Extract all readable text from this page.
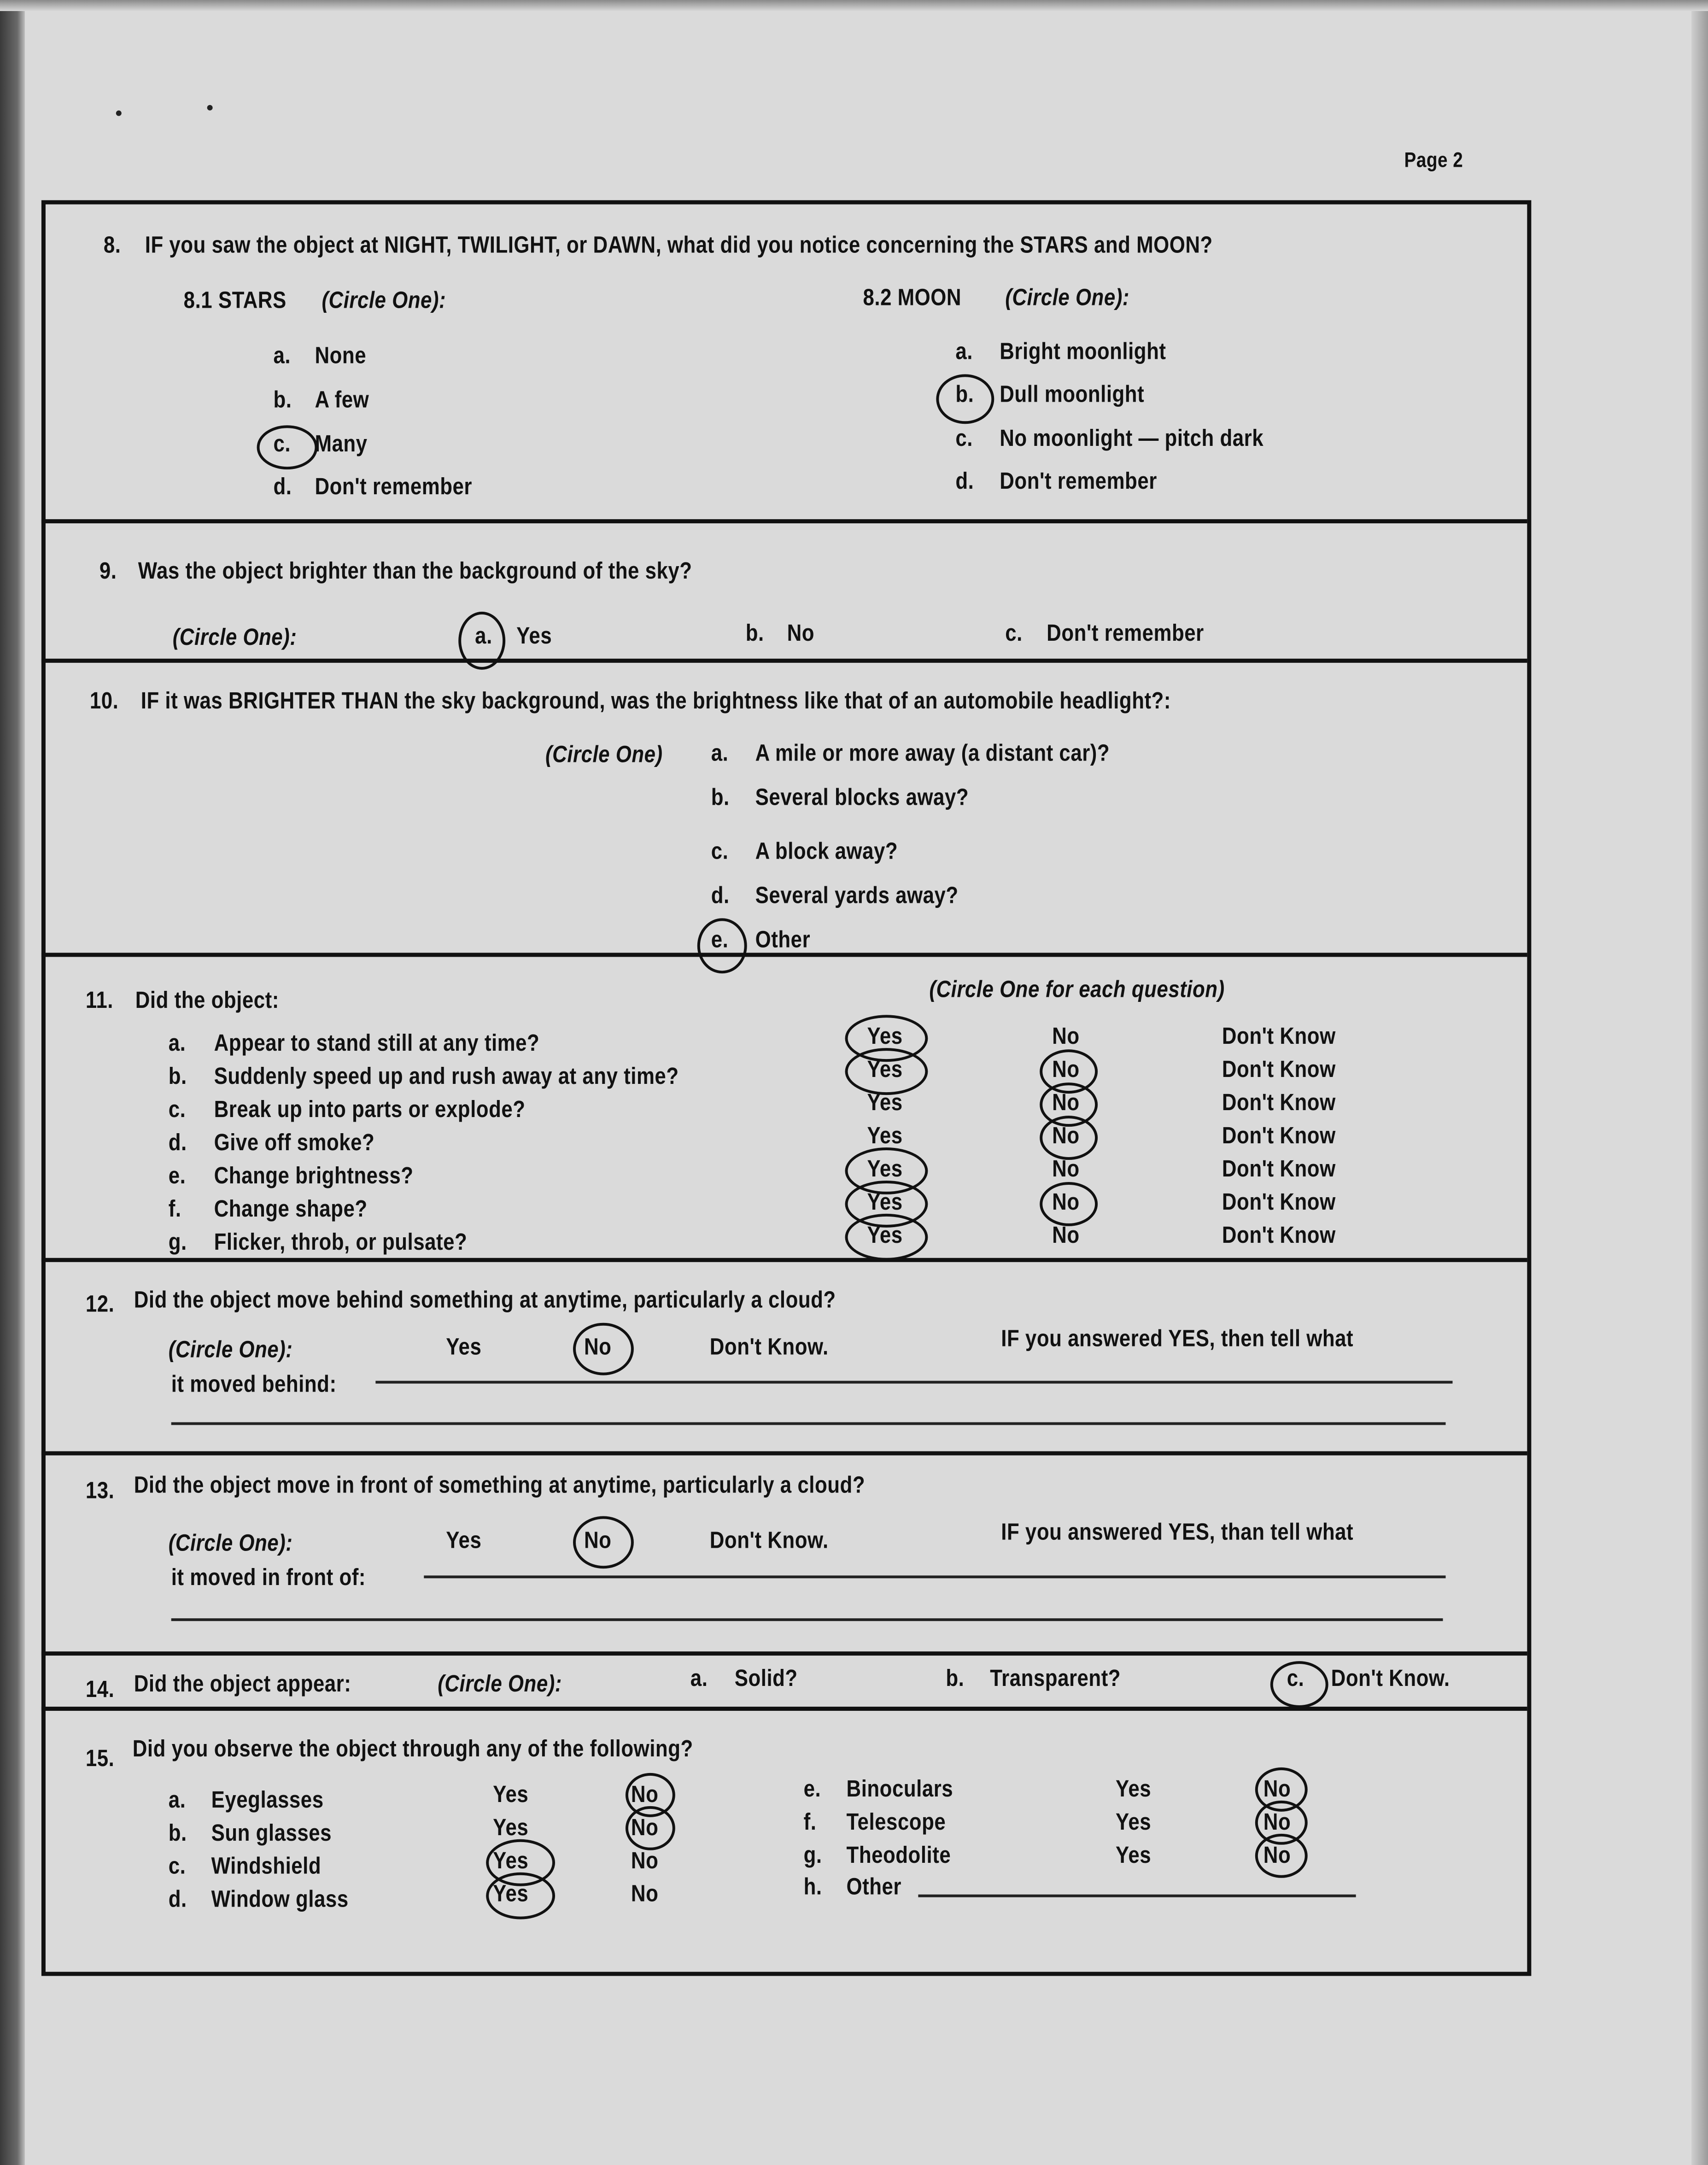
Page 2
8.	IF you saw the object at NIGHT, TWILIGHT, or DAWN, what did you notice concerning the STARS and MOON?
8.1 STARS	(Circle One):	8.2 MOON	(Circle One):
a.	None
b.	A few
c.	Many
d.	Don't remember
a.	Bright moonlight
b.	Dull moonlight
c.	No moonlight — pitch dark
d.	Don't remember
9.	Was the object brighter than the background of the sky?
(Circle One):	a.	Yes	b.	No	c.	Don't remember
10.	IF it was BRIGHTER THAN the sky background, was the brightness like that of an automobile headlight?:
(Circle One)	a.	A mile or more away (a distant car)?
b.	Several blocks away?
c.	A block away?
d.	Several yards away?
e.	Other
11.	Did the object:	(Circle One for each question)
a.	Appear to stand still at any time?	Yes	No	Don't Know
b.	Suddenly speed up and rush away at any time?	Yes	No	Don't Know
c.	Break up into parts or explode?	Yes	No	Don't Know
d.	Give off smoke?	Yes	No	Don't Know
e.	Change brightness?	Yes	No	Don't Know
f.	Change shape?	Yes	No	Don't Know
g.	Flicker, throb, or pulsate?	Yes	No	Don't Know
12. Did the object move behind something at anytime, particularly a cloud?
(Circle One):	Yes	No	Don't Know.	IF you answered YES, then tell what
it moved behind:
13. Did the object move in front of something at anytime, particularly a cloud?
(Circle One):	Yes	No	Don't Know.	IF you answered YES, than tell what
it moved in front of:
14. Did the object appear:	(Circle One):	a.	Solid?	b.	Transparent?	c.	Don't Know.
15. Did you observe the object through any of the following?
a.	Eyeglasses	Yes	No
b.	Sun glasses	Yes	No
c.	Windshield	Yes	No
d.	Window glass	Yes	No
e.	Binoculars	Yes	No
f.	Telescope	Yes	No
g.	Theodolite	Yes	No
h.	Other
